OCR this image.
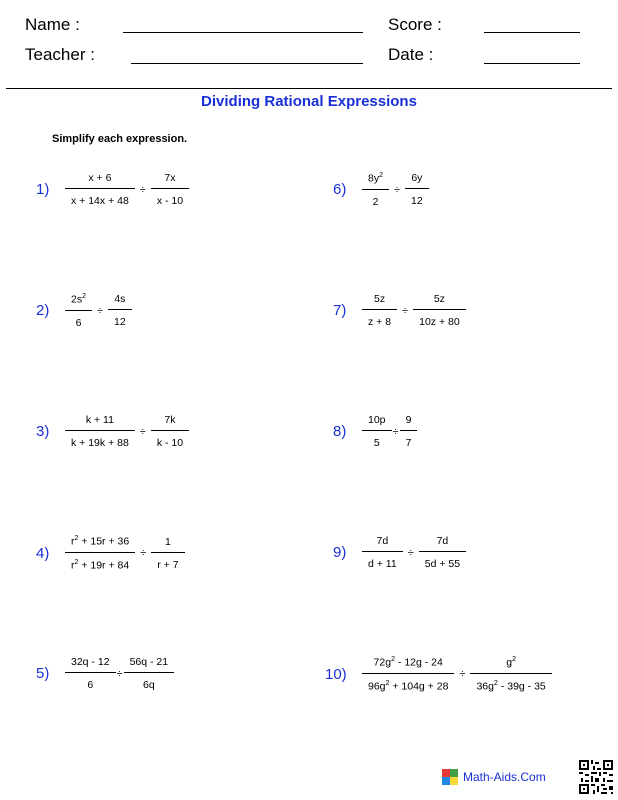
Name :	Score :
Teacher :	Date :
Dividing Rational Expressions
Simplify each expression.
1)	$\frac{x + 6}{x + 14x + 48} \div \frac{7x}{x - 10}$
2)	$\frac{2s^2}{6} \div \frac{4s}{12}$
3)	$\frac{k + 11}{k + 19k + 88} \div \frac{7k}{k - 10}$
4)	$\frac{r^2 + 15r + 36}{r^2 + 19r + 84} \div \frac{1}{r + 7}$
5)	$\frac{32q - 12}{6} \div \frac{56q - 21}{6q}$
6)	$\frac{8y^2}{2} \div \frac{6y}{12}$
7)	$\frac{5z}{z + 8} \div \frac{5z}{10z + 80}$
8)	$\frac{10p}{5} \div \frac{9}{7}$
9)	$\frac{7d}{d + 11} \div \frac{7d}{5d + 55}$
10)	$\frac{72g^2 - 12g - 24}{96g^2 + 104g + 28} \div \frac{g^2}{36g^2 - 39g - 35}$
Math-Aids.Com
